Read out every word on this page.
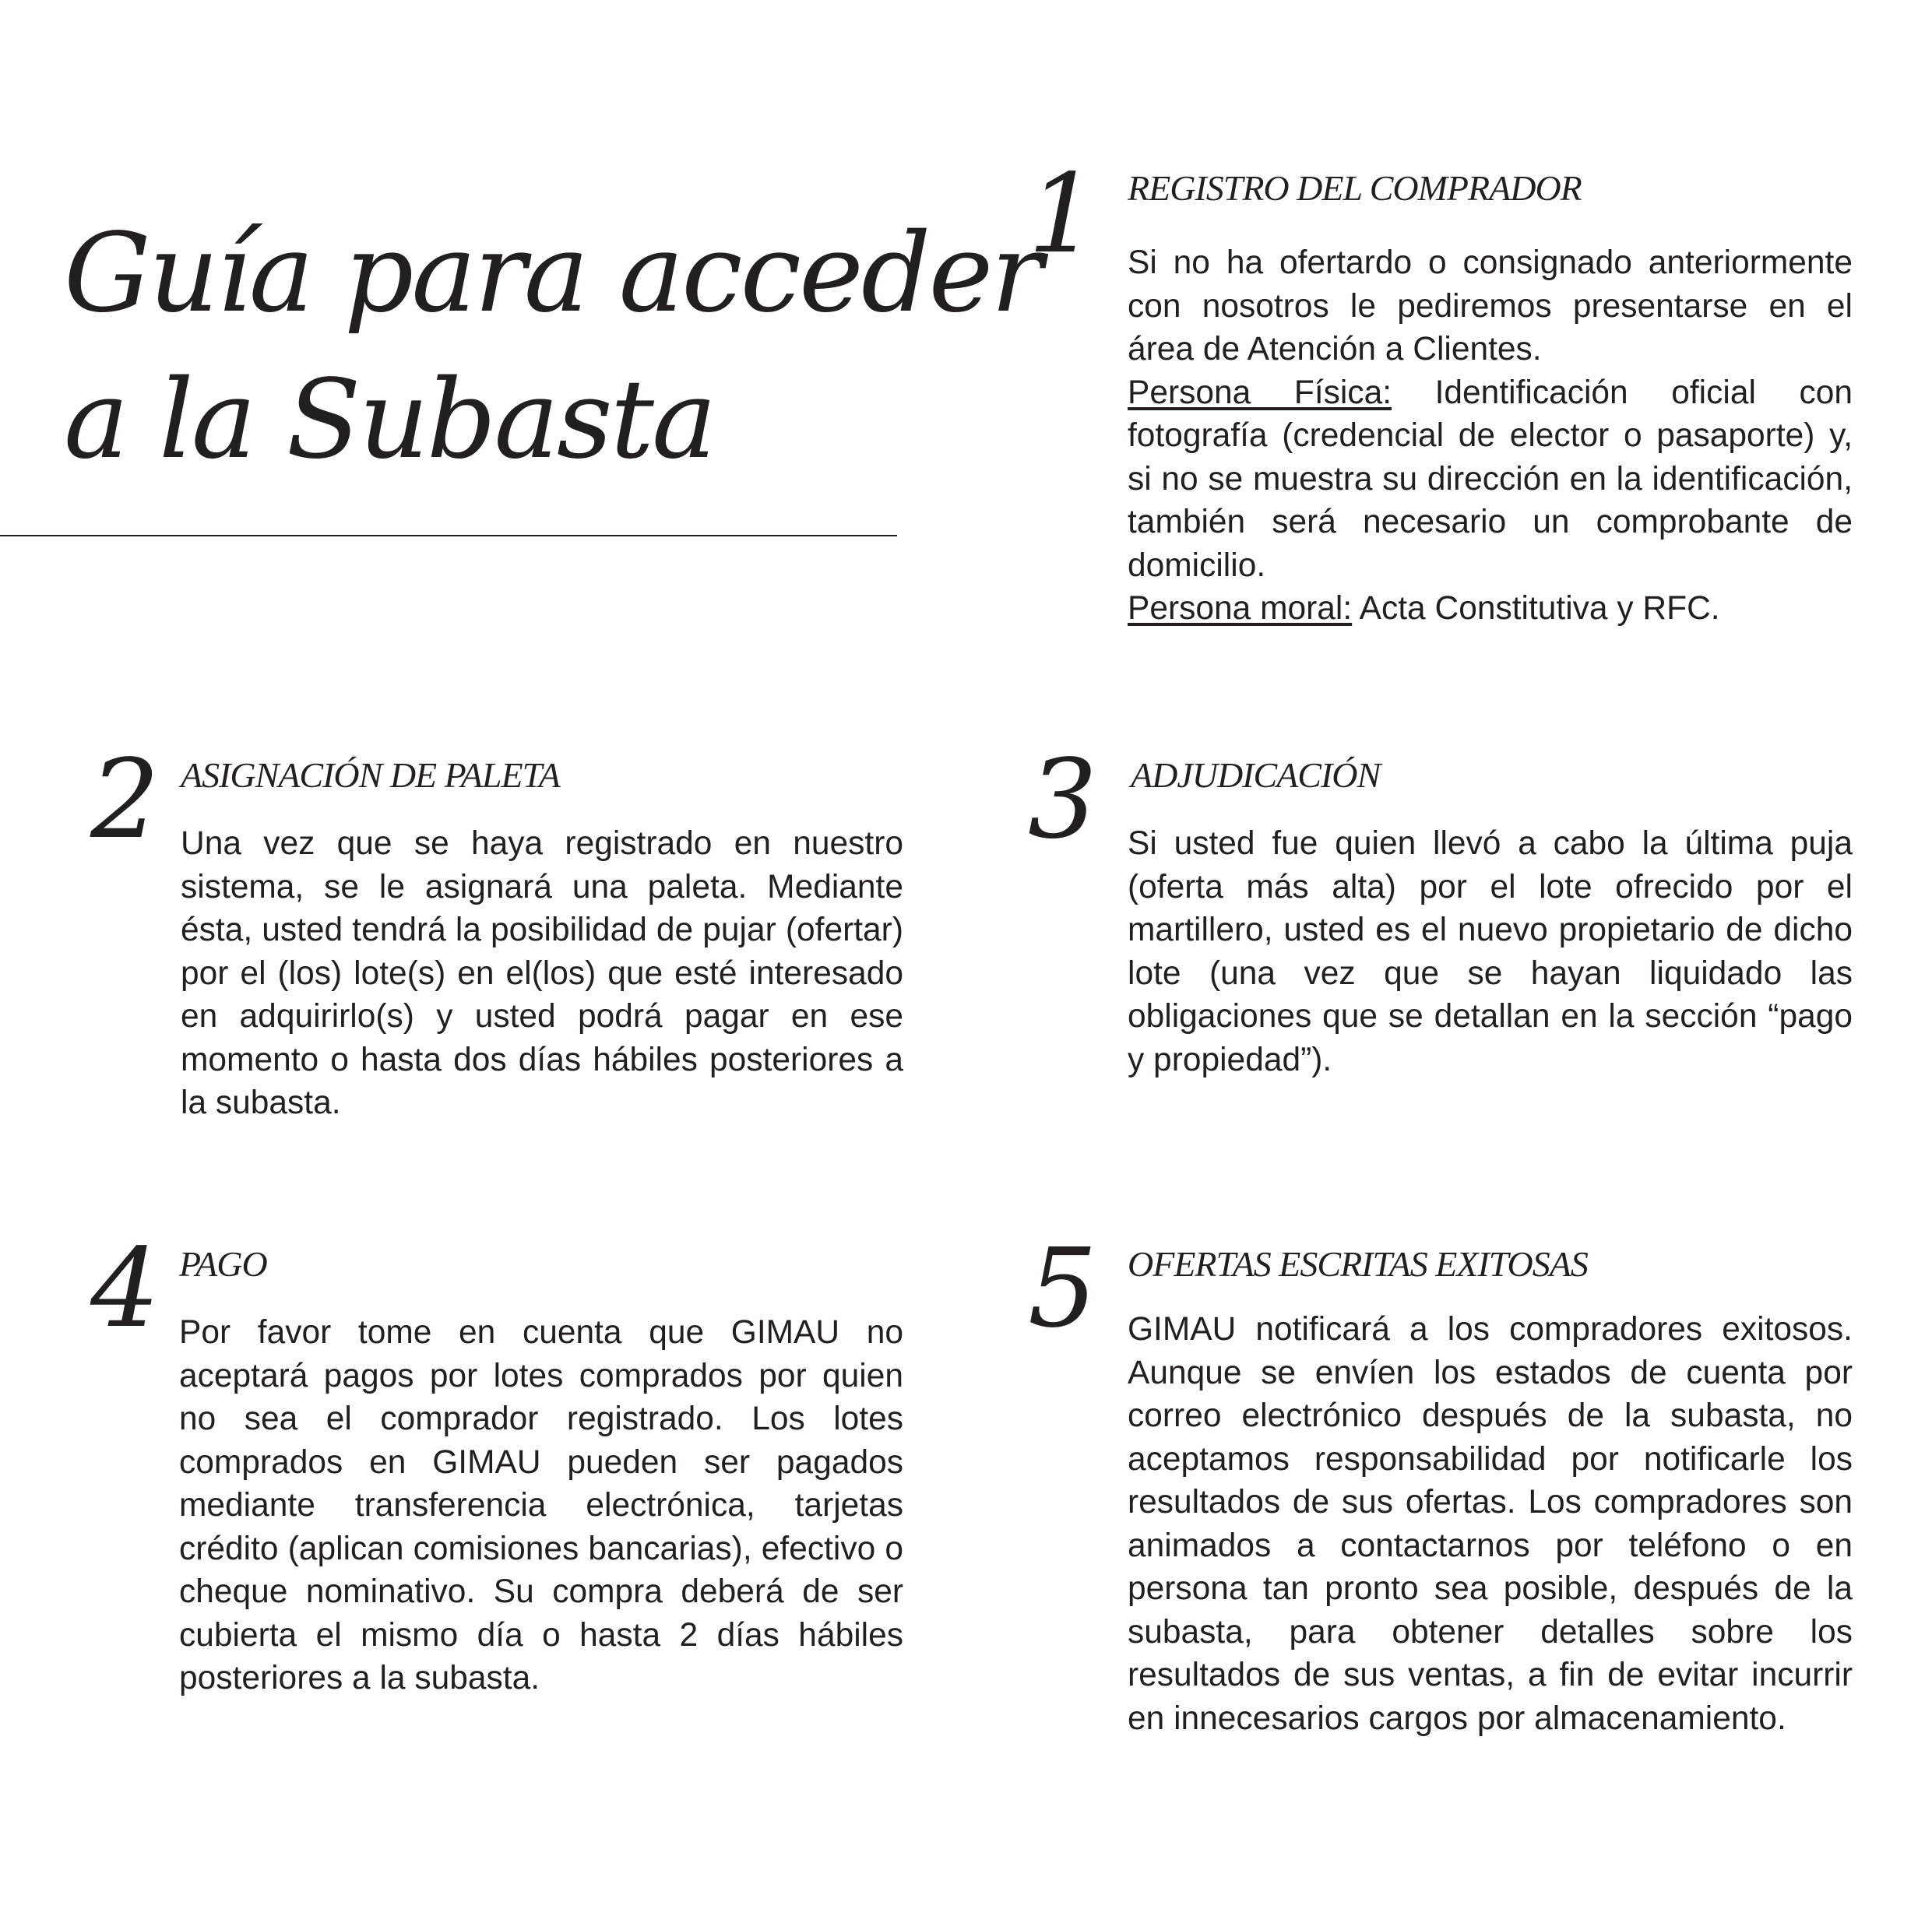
Guía para acceder
a la Subasta
1 REGISTRO DEL COMPRADOR
Si no ha ofertardo o consignado anteriormente con nosotros le pediremos presentarse en el área de Atención a Clientes.
Persona Física: Identificación oficial con fotografía (credencial de elector o pasaporte) y, si no se muestra su dirección en la identificación, también será necesario un comprobante de domicilio.
Persona moral: Acta Constitutiva y RFC.
2 ASIGNACIÓN DE PALETA

Una vez que se haya registrado en nuestro sistema, se le asignará una paleta. Mediante ésta, usted tendrá la posibilidad de pujar (ofertar) por el (los) lote(s) en el(los) que esté interesado en adquirirlo(s) y usted podrá pagar en ese momento o hasta dos días hábiles posteriores a la subasta.

3 ADJUDICACIÓN

Si usted fue quien llevó a cabo la última puja (oferta más alta) por el lote ofrecido por el martillero, usted es el nuevo propietario de dicho lote (una vez que se hayan liquidado las obligaciones que se detallan en la sección “pago y propiedad”).

4 PAGO

Por favor tome en cuenta que GIMAU no aceptará pagos por lotes comprados por quien no sea el comprador registrado. Los lotes comprados en GIMAU pueden ser pagados mediante transferencia electrónica, tarjetas crédito (aplican comisiones bancarias), efectivo o cheque nominativo. Su compra deberá de ser cubierta el mismo día o hasta 2 días hábiles posteriores a la subasta.

5 OFERTAS ESCRITAS EXITOSAS

GIMAU notificará a los compradores exitosos. Aunque se envíen los estados de cuenta por correo electrónico después de la subasta, no aceptamos responsabilidad por notificarle los resultados de sus ofertas. Los compradores son animados a contactarnos por teléfono o en persona tan pronto sea posible, después de la subasta, para obtener detalles sobre los resultados de sus ventas, a fin de evitar incurrir en innecesarios cargos por almacenamiento.
